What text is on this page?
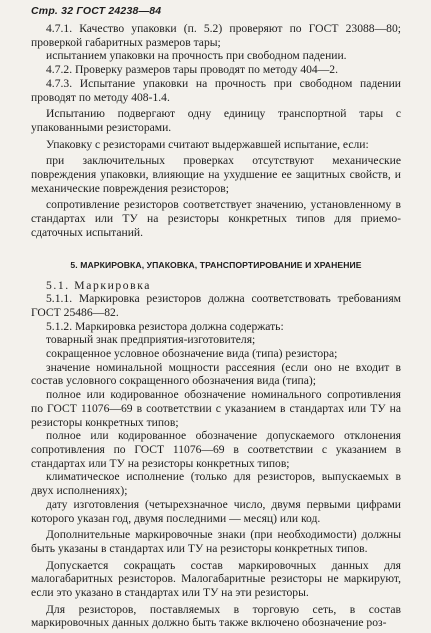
Стр. 32 ГОСТ 24238—84

4.7.1. Качество упаковки (п. 5.2) проверяют по ГОСТ 23088—80; проверкой габаритных размеров тары;

испытанием упаковки на прочность при свободном падении.

4.7.2. Проверку размеров тары проводят по методу 404—2.

4.7.3. Испытание упаковки на прочность при свободном падении проводят по методу 408-1.4.

Испытанию подвергают одну единицу транспортной тары с упакованными резисторами.

Упаковку с резисторами считают выдержавшей испытание, если:

при заключительных проверках отсутствуют механические повреждения упаковки, влияющие на ухудшение ее защитных свойств, и механические повреждения резисторов;

сопротивление резисторов соответствует значению, установленному в стандартах или ТУ на резисторы конкретных типов для приемо-сдаточных испытаний.

5. МАРКИРОВКА, УПАКОВКА, ТРАНСПОРТИРОВАНИЕ И ХРАНЕНИЕ

5.1. Маркировка

5.1.1. Маркировка резисторов должна соответствовать требованиям ГОСТ 25486—82.

5.1.2. Маркировка резистора должна содержать:

товарный знак предприятия-изготовителя;

сокращенное условное обозначение вида (типа) резистора;

значение номинальной мощности рассеяния (если оно не входит в состав условного сокращенного обозначения вида (типа);

полное или кодированное обозначение номинального сопротивления по ГОСТ 11076—69 в соответствии с указанием в стандартах или ТУ на резисторы конкретных типов;

полное или кодированное обозначение допускаемого отклонения сопротивления по ГОСТ 11076—69 в соответствии с указанием в стандартах или ТУ на резисторы конкретных типов;

климатическое исполнение (только для резисторов, выпускаемых в двух исполнениях);

дату изготовления (четырехзначное число, двумя первыми цифрами которого указан год, двумя последними — месяц) или код.

Дополнительные маркировочные знаки (при необходимости) должны быть указаны в стандартах или ТУ на резисторы конкретных типов.

Допускается сокращать состав маркировочных данных для малогабаритных резисторов. Малогабаритные резисторы не маркируют, если это указано в стандартах или ТУ на эти резисторы.

Для резисторов, поставляемых в торговую сеть, в состав маркировочных данных должно быть также включено обозначение роз-
